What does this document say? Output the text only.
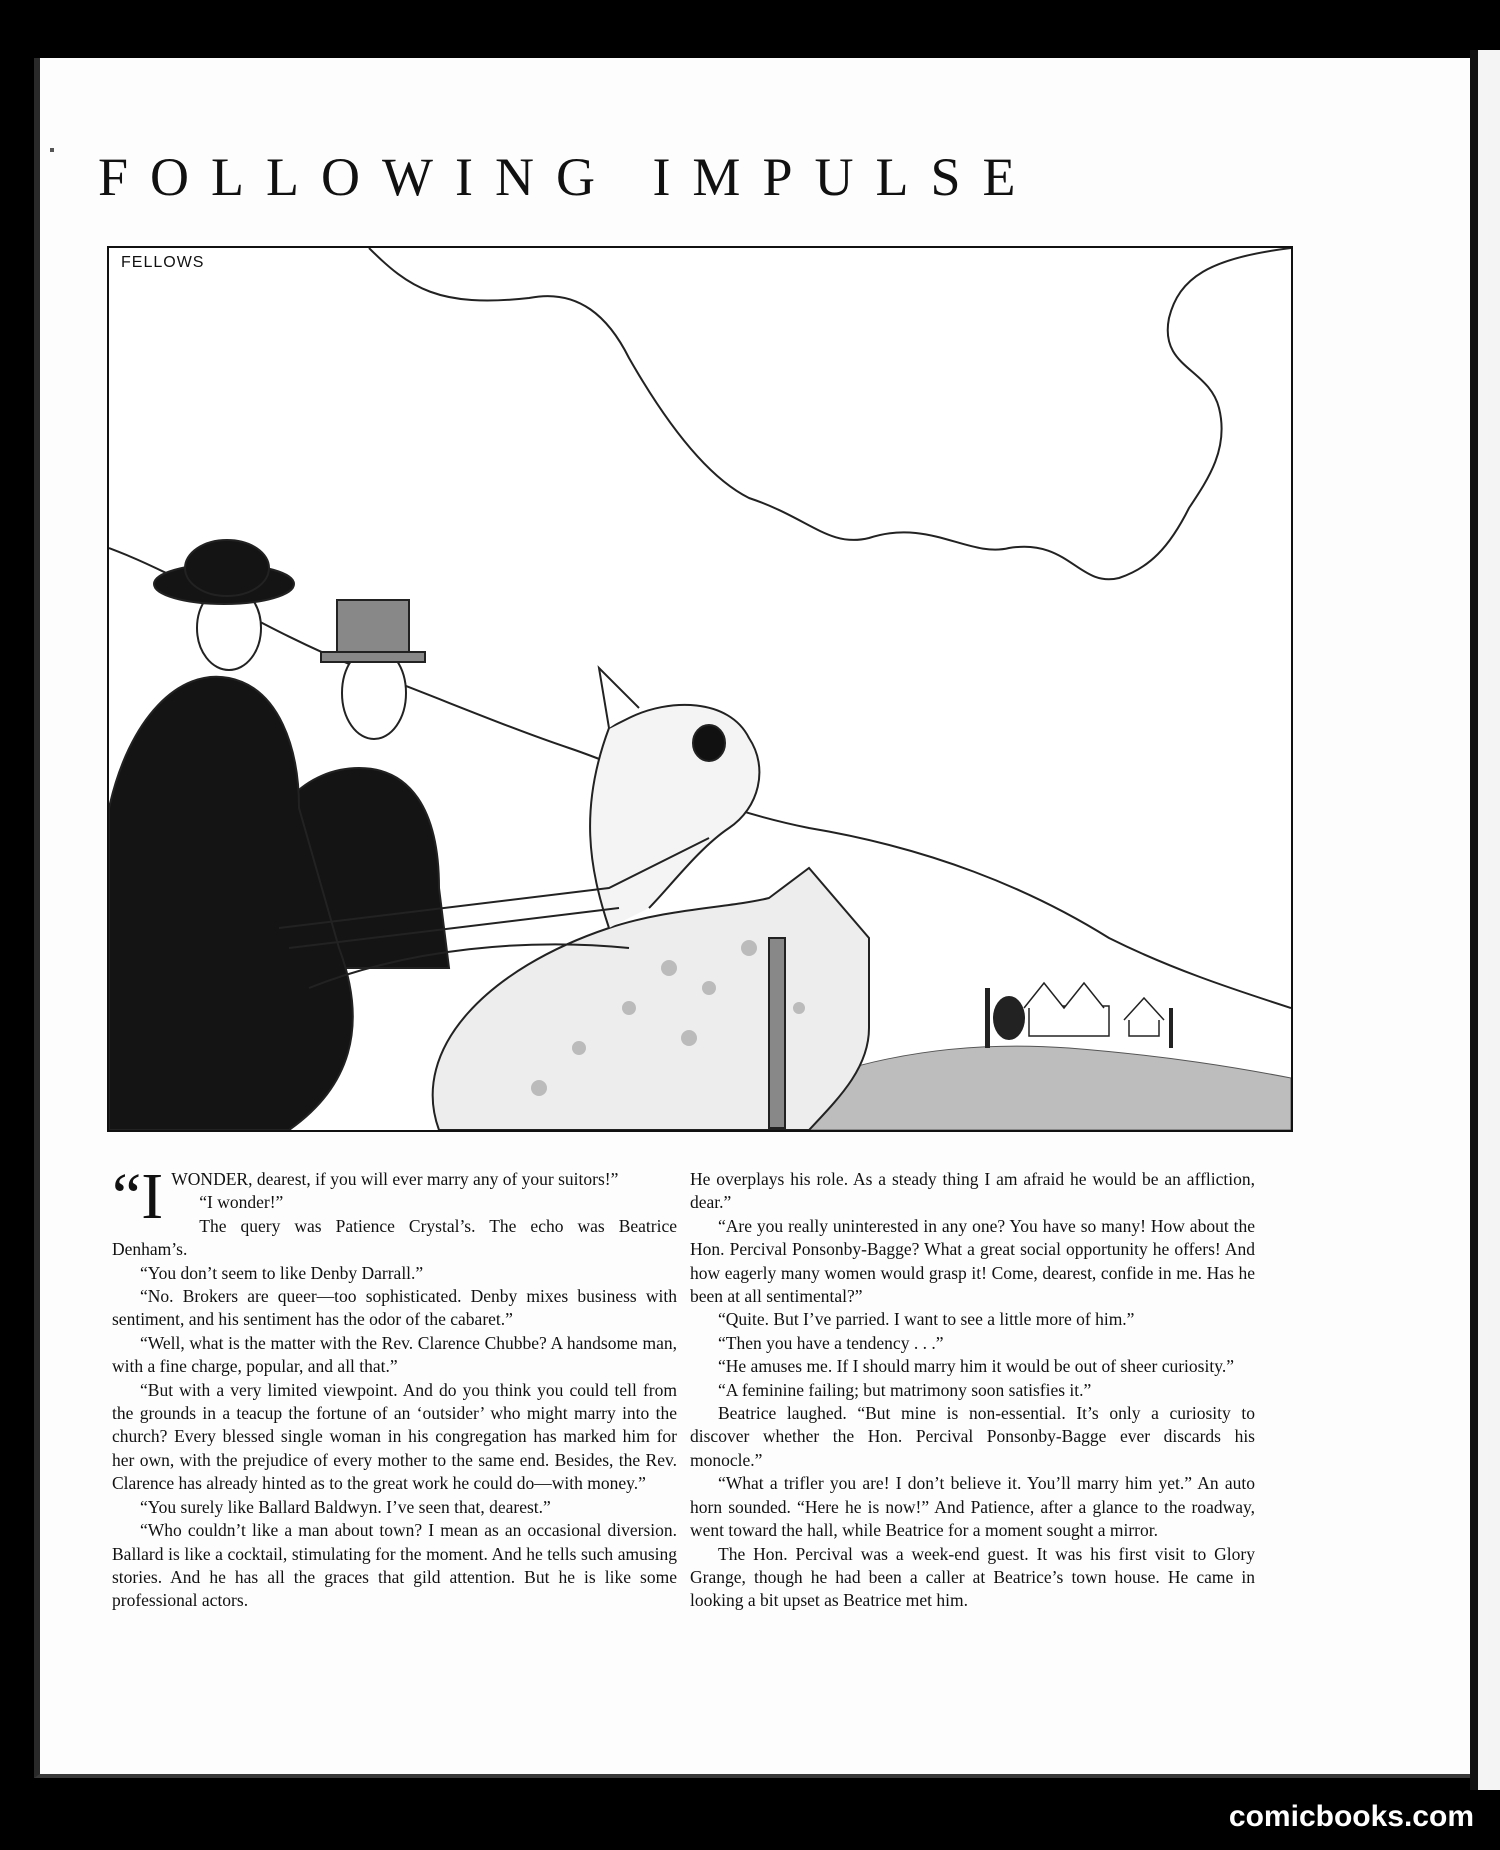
FOLLOWING IMPULSE
FELLOWS

“I WONDER, dearest, if you will ever marry any of your suitors!”

“I wonder!”

The query was Patience Crystal’s. The echo was Beatrice Denham’s.

“You don’t seem to like Denby Darrall.”

“No. Brokers are queer—too sophisticated. Denby mixes business with sentiment, and his sentiment has the odor of the cabaret.”

“Well, what is the matter with the Rev. Clarence Chubbe? A handsome man, with a fine charge, popular, and all that.”

“But with a very limited viewpoint. And do you think you could tell from the grounds in a teacup the fortune of an ‘outsider’ who might marry into the church? Every blessed single woman in his congregation has marked him for her own, with the prejudice of every mother to the same end. Besides, the Rev. Clarence has already hinted as to the great work he could do—with money.”

“You surely like Ballard Baldwyn. I’ve seen that, dearest.”

“Who couldn’t like a man about town? I mean as an occasional diversion. Ballard is like a cocktail, stimulating for the moment. And he tells such amusing stories. And he has all the graces that gild attention. But he is like some professional actors.

He overplays his role. As a steady thing I am afraid he would be an affliction, dear.”

“Are you really uninterested in any one? You have so many! How about the Hon. Percival Ponsonby-Bagge? What a great social opportunity he offers! And how eagerly many women would grasp it! Come, dearest, confide in me. Has he been at all sentimental?”

“Quite. But I’ve parried. I want to see a little more of him.”

“Then you have a tendency . . .”

“He amuses me. If I should marry him it would be out of sheer curiosity.”

“A feminine failing; but matrimony soon satisfies it.”

Beatrice laughed. “But mine is non-essential. It’s only a curiosity to discover whether the Hon. Percival Ponsonby-Bagge ever discards his monocle.”

“What a trifler you are! I don’t believe it. You’ll marry him yet.” An auto horn sounded. “Here he is now!” And Patience, after a glance to the roadway, went toward the hall, while Beatrice for a moment sought a mirror.

The Hon. Percival was a week-end guest. It was his first visit to Glory Grange, though he had been a caller at Beatrice’s town house. He came in looking a bit upset as Beatrice met him.

comicbooks.com
